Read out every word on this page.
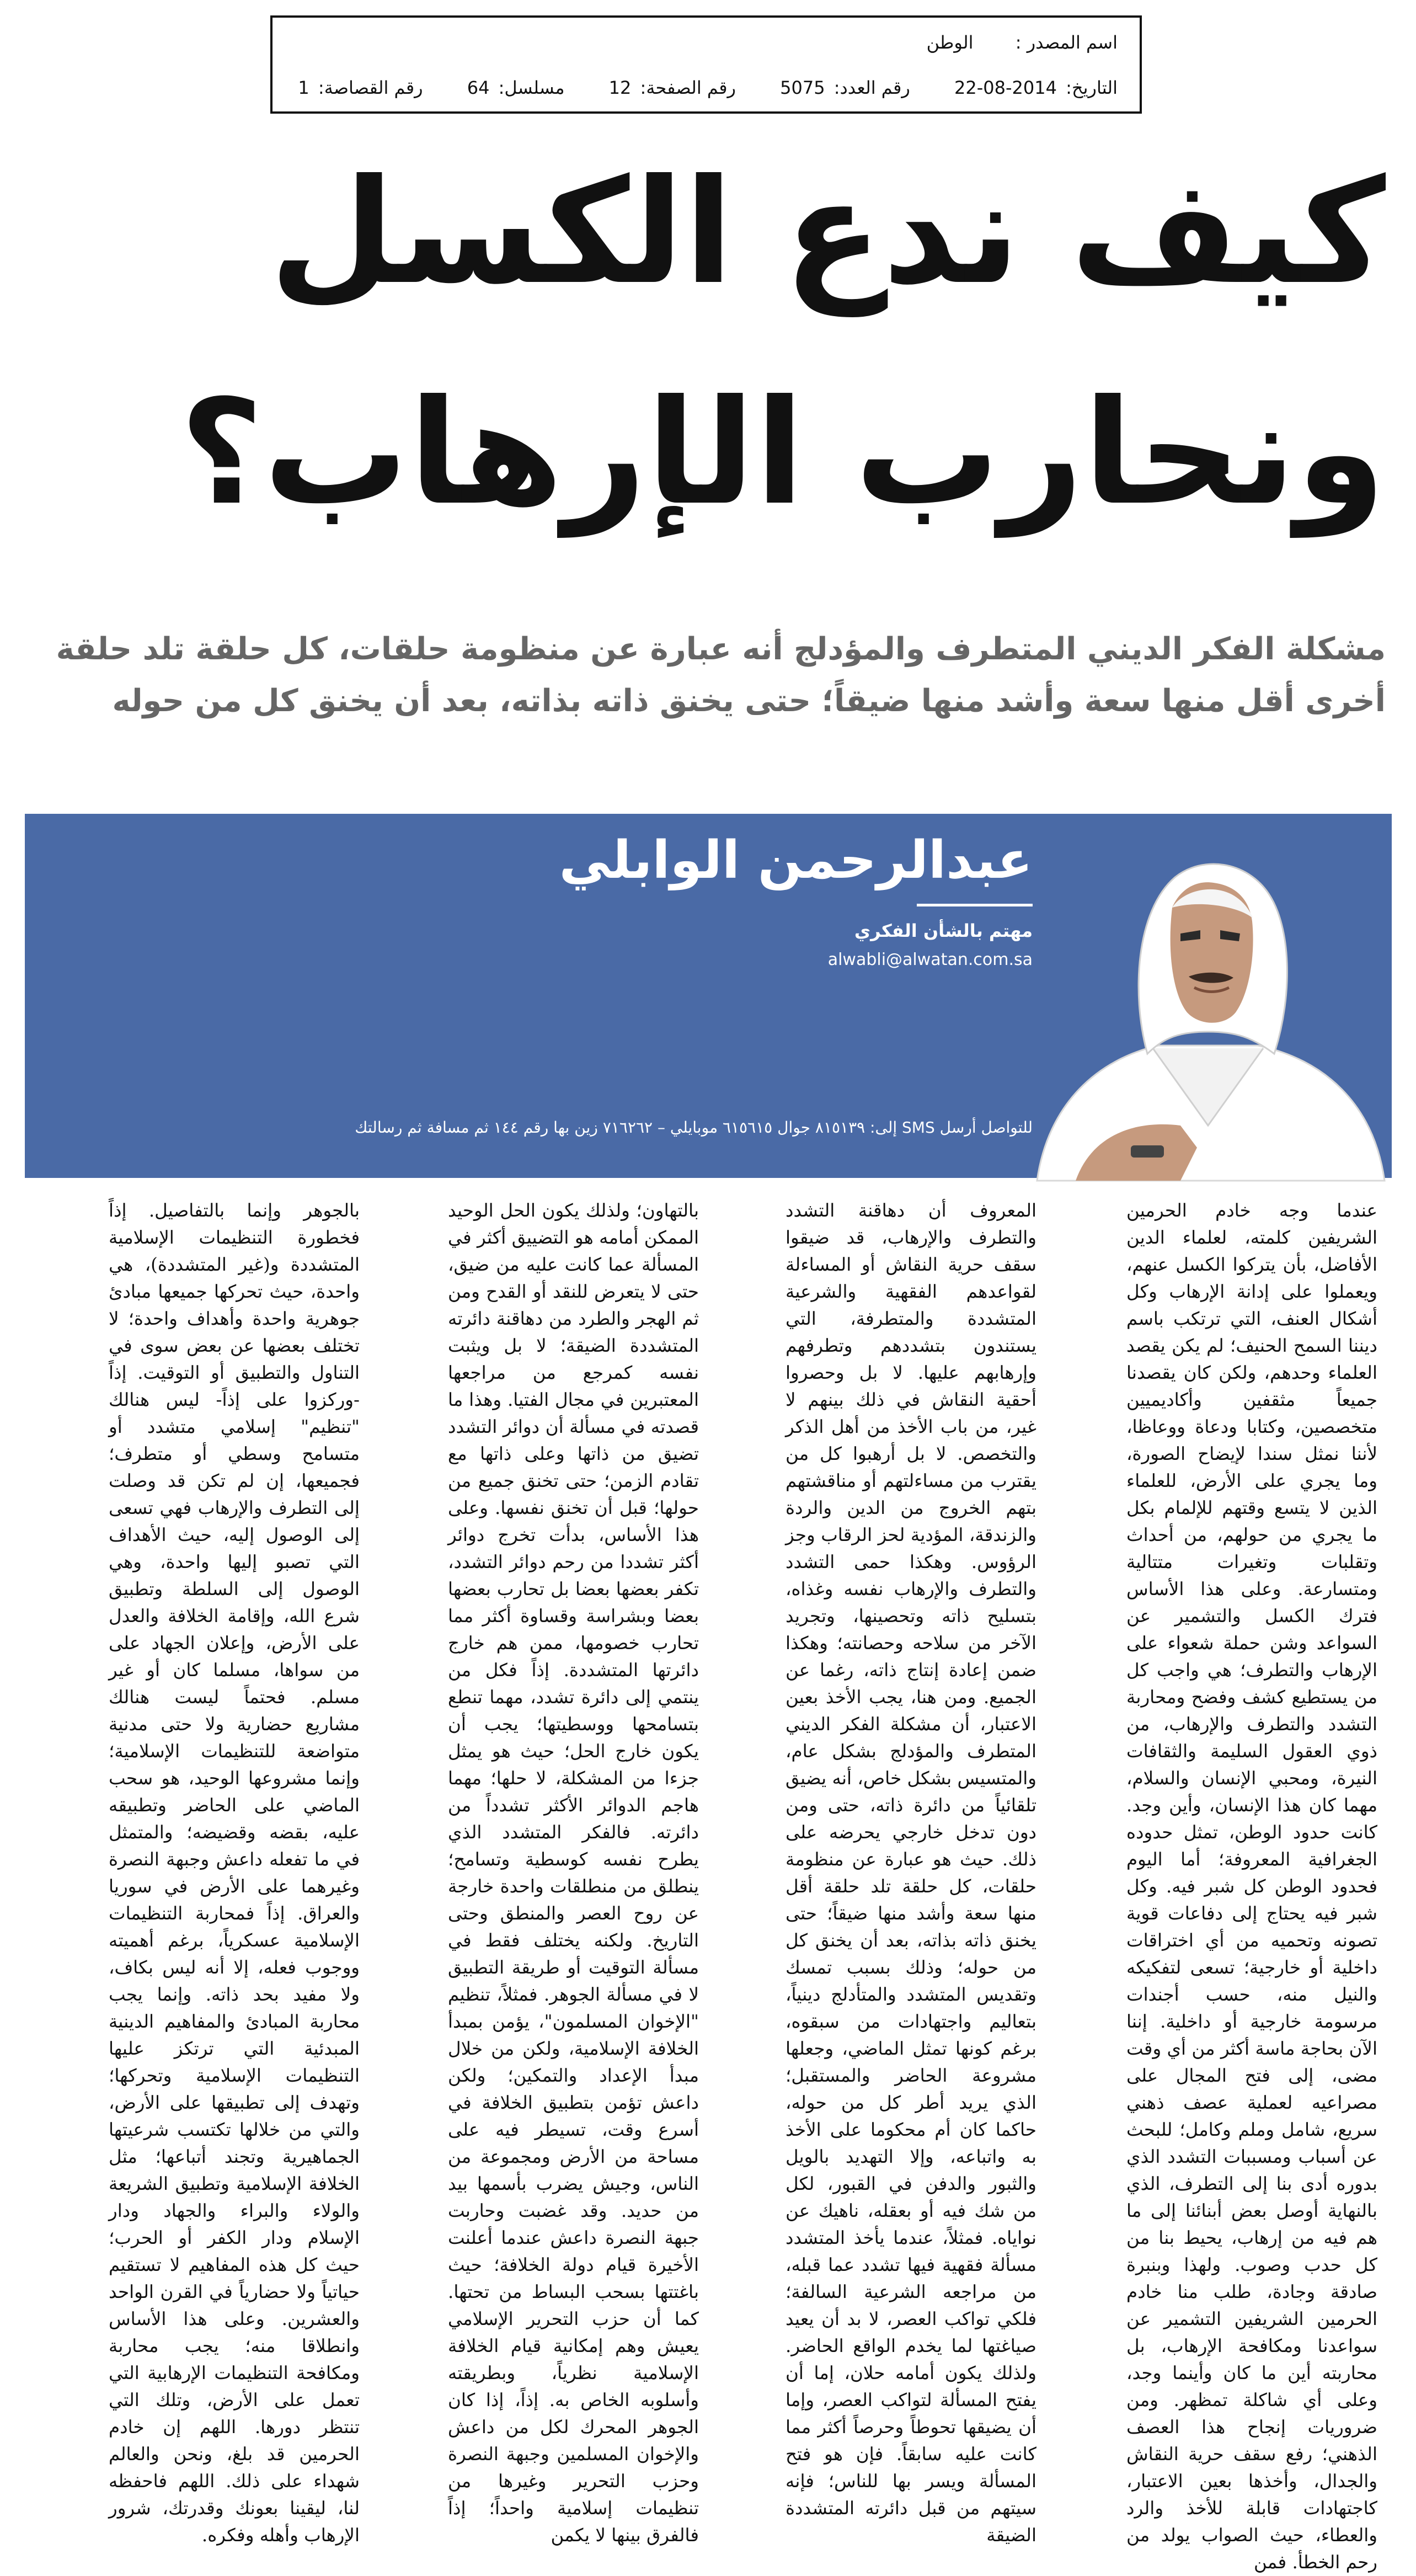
اسم المصدر : الوطن
التاريخ: 22-08-2014 رقم العدد: 5075 رقم الصفحة: 12 مسلسل: 64 رقم القصاصة: 1
كيف ندع الكسل
ونحارب الإرهاب؟
مشكلة الفكر الديني المتطرف والمؤدلج أنه عبارة عن منظومة حلقات، كل حلقة تلد حلقة أخرى أقل منها سعة وأشد منها ضيقاً؛ حتى يخنق ذاته بذاته، بعد أن يخنق كل من حوله
عبدالرحمن الوابلي
مهتم بالشأن الفكري
alwabli@alwatan.com.sa
للتواصل أرسل SMS إلى: ٨١٥١٣٩ جوال ٦١٥٦١٥ موبايلي – ٧١٦٢٦٢ زين بها رقم ١٤٤ ثم مسافة ثم رسالتك

عندما وجه خادم الحرمين الشريفين كلمته، لعلماء الدين الأفاضل، بأن يتركوا الكسل عنهم، ويعملوا على إدانة الإرهاب وكل أشكال العنف، التي ترتكب باسم ديننا السمح الحنيف؛ لم يكن يقصد العلماء وحدهم، ولكن كان يقصدنا جميعاً مثقفين وأكاديميين متخصصين، وكتابا ودعاة ووعاظا، لأننا نمثل سندا لإيضاح الصورة، وما يجري على الأرض، للعلماء الذين لا يتسع وقتهم للإلمام بكل ما يجري من حولهم، من أحداث وتقلبات وتغيرات متتالية ومتسارعة. وعلى هذا الأساس فترك الكسل والتشمير عن السواعد وشن حملة شعواء على الإرهاب والتطرف؛ هي واجب كل من يستطيع كشف وفضح ومحاربة التشدد والتطرف والإرهاب، من ذوي العقول السليمة والثقافات النيرة، ومحبي الإنسان والسلام، مهما كان هذا الإنسان، وأين وجد. كانت حدود الوطن، تمثل حدوده الجغرافية المعروفة؛ أما اليوم فحدود الوطن كل شبر فيه. وكل شبر فيه يحتاج إلى دفاعات قوية تصونه وتحميه من أي اختراقات داخلية أو خارجية؛ تسعى لتفكيكه والنيل منه، حسب أجندات مرسومة خارجية أو داخلية. إننا الآن بحاجة ماسة أكثر من أي وقت مضى، إلى فتح المجال على مصراعيه لعملية عصف ذهني سريع، شامل وملم وكامل؛ للبحث عن أسباب ومسببات التشدد الذي بدوره أدى بنا إلى التطرف، الذي بالنهاية أوصل بعض أبنائنا إلى ما هم فيه من إرهاب، يحيط بنا من كل حدب وصوب. ولهذا وبنبرة صادقة وجادة، طلب منا خادم الحرمين الشريفين التشمير عن سواعدنا ومكافحة الإرهاب، بل محاربته أين ما كان وأينما وجد، وعلى أي شاكلة تمظهر. ومن ضروريات إنجاح هذا العصف الذهني؛ رفع سقف حرية النقاش والجدال، وأخذها بعين الاعتبار، كاجتهادات قابلة للأخذ والرد والعطاء، حيث الصواب يولد من رحم الخطأ. فمن

المعروف أن دهاقنة التشدد والتطرف والإرهاب، قد ضيقوا سقف حرية النقاش أو المساءلة لقواعدهم الفقهية والشرعية المتشددة والمتطرفة، التي يستندون بتشددهم وتطرفهم وإرهابهم عليها. لا بل وحصروا أحقية النقاش في ذلك بينهم لا غير، من باب الأخذ من أهل الذكر والتخصص. لا بل أرهبوا كل من يقترب من مساءلتهم أو مناقشتهم بتهم الخروج من الدين والردة والزندقة، المؤدية لحز الرقاب وجز الرؤوس. وهكذا حمى التشدد والتطرف والإرهاب نفسه وغذاه، بتسليح ذاته وتحصينها، وتجريد الآخر من سلاحه وحصانته؛ وهكذا ضمن إعادة إنتاج ذاته، رغما عن الجميع. ومن هنا، يجب الأخذ بعين الاعتبار، أن مشكلة الفكر الديني المتطرف والمؤدلج بشكل عام، والمتسيس بشكل خاص، أنه يضيق تلقائياً من دائرة ذاته، حتى ومن دون تدخل خارجي يحرضه على ذلك. حيث هو عبارة عن منظومة حلقات، كل حلقة تلد حلقة أقل منها سعة وأشد منها ضيقاً؛ حتى يخنق ذاته بذاته، بعد أن يخنق كل من حوله؛ وذلك بسبب تمسك وتقديس المتشدد والمتأدلج دينياً، بتعاليم واجتهادات من سبقوه، برغم كونها تمثل الماضي، وجعلها مشروعة الحاضر والمستقبل؛ الذي يريد أطر كل من حوله، حاكما كان أم محكوما على الأخذ به واتباعه، وإلا التهديد بالويل والثبور والدفن في القبور، لكل من شك فيه أو بعقله، ناهيك عن نواياه. فمثلاً، عندما يأخذ المتشدد مسألة فقهية فيها تشدد عما قبله، من مراجعه الشرعية السالفة؛ فلكي تواكب العصر، لا بد أن يعيد صياغتها لما يخدم الواقع الحاضر. ولذلك يكون أمامه حلان، إما أن يفتح المسألة لتواكب العصر، وإما أن يضيقها تحوطاً وحرصاً أكثر مما كانت عليه سابقاً. فإن هو فتح المسألة ويسر بها للناس؛ فإنه سيتهم من قبل دائرته المتشددة الضيقة

بالتهاون؛ ولذلك يكون الحل الوحيد الممكن أمامه هو التضييق أكثر في المسألة عما كانت عليه من ضيق، حتى لا يتعرض للنقد أو القدح ومن ثم الهجر والطرد من دهاقنة دائرته المتشددة الضيقة؛ لا بل ويثبت نفسه كمرجع من مراجعها المعتبرين في مجال الفتيا. وهذا ما قصدته في مسألة أن دوائر التشدد تضيق من ذاتها وعلى ذاتها مع تقادم الزمن؛ حتى تخنق جميع من حولها؛ قبل أن تخنق نفسها. وعلى هذا الأساس، بدأت تخرج دوائر أكثر تشددا من رحم دوائر التشدد، تكفر بعضها بعضا بل تحارب بعضها بعضا وبشراسة وقساوة أكثر مما تحارب خصومها، ممن هم خارج دائرتها المتشددة. إذاً فكل من ينتمي إلى دائرة تشدد، مهما تنطع بتسامحها ووسطيتها؛ يجب أن يكون خارج الحل؛ حيث هو يمثل جزءا من المشكلة، لا حلها؛ مهما هاجم الدوائر الأكثر تشدداً من دائرته. فالفكر المتشدد الذي يطرح نفسه كوسطية وتسامح؛ ينطلق من منطلقات واحدة خارجة عن روح العصر والمنطق وحتى التاريخ. ولكنه يختلف فقط في مسألة التوقيت أو طريقة التطبيق لا في مسألة الجوهر. فمثلاً، تنظيم "الإخوان المسلمون"، يؤمن بمبدأ الخلافة الإسلامية، ولكن من خلال مبدأ الإعداد والتمكين؛ ولكن داعش تؤمن بتطبيق الخلافة في أسرع وقت، تسيطر فيه على مساحة من الأرض ومجموعة من الناس، وجيش يضرب بأسمها بيد من حديد. وقد غضبت وحاربت جبهة النصرة داعش عندما أعلنت الأخيرة قيام دولة الخلافة؛ حيث باغتتها بسحب البساط من تحتها. كما أن حزب التحرير الإسلامي يعيش وهم إمكانية قيام الخلافة الإسلامية نظرياً، وبطريقته وأسلوبه الخاص به. إذاً، إذا كان الجوهر المحرك لكل من داعش والإخوان المسلمين وجبهة النصرة وحزب التحرير وغيرها من تنظيمات إسلامية واحداً؛ إذاً فالفرق بينها لا يكمن

بالجوهر وإنما بالتفاصيل. إذاً فخطورة التنظيمات الإسلامية المتشددة و(غير المتشددة)، هي واحدة، حيث تحركها جميعها مبادئ جوهرية واحدة وأهداف واحدة؛ لا تختلف بعضها عن بعض سوى في التناول والتطبيق أو التوقيت. إذاً -وركزوا على إذاً- ليس هنالك "تنظيم" إسلامي متشدد أو متسامح وسطي أو متطرف؛ فجميعها، إن لم تكن قد وصلت إلى التطرف والإرهاب فهي تسعى إلى الوصول إليه، حيث الأهداف التي تصبو إليها واحدة، وهي الوصول إلى السلطة وتطبيق شرع الله، وإقامة الخلافة والعدل على الأرض، وإعلان الجهاد على من سواها، مسلما كان أو غير مسلم. فحتماً ليست هنالك مشاريع حضارية ولا حتى مدنية متواضعة للتنظيمات الإسلامية؛ وإنما مشروعها الوحيد، هو سحب الماضي على الحاضر وتطبيقه عليه، بقضه وقضيضه؛ والمتمثل في ما تفعله داعش وجبهة النصرة وغيرهما على الأرض في سوريا والعراق. إذاً فمحاربة التنظيمات الإسلامية عسكرياً، برغم أهميته ووجوب فعله، إلا أنه ليس بكاف، ولا مفيد بحد ذاته. وإنما يجب محاربة المبادئ والمفاهيم الدينية المبدئية التي ترتكز عليها التنظيمات الإسلامية وتحركها؛ وتهدف إلى تطبيقها على الأرض، والتي من خلالها تكتسب شرعيتها الجماهيرية وتجند أتباعها؛ مثل الخلافة الإسلامية وتطبيق الشريعة والولاء والبراء والجهاد ودار الإسلام ودار الكفر أو الحرب؛ حيث كل هذه المفاهيم لا تستقيم حياتياً ولا حضارياً في القرن الواحد والعشرين. وعلى هذا الأساس وانطلاقا منه؛ يجب محاربة ومكافحة التنظيمات الإرهابية التي تعمل على الأرض، وتلك التي تنتظر دورها. اللهم إن خادم الحرمين قد بلغ، ونحن والعالم شهداء على ذلك. اللهم فاحفظه لنا، ليقينا بعونك وقدرتك، شرور الإرهاب وأهله وفكره.
